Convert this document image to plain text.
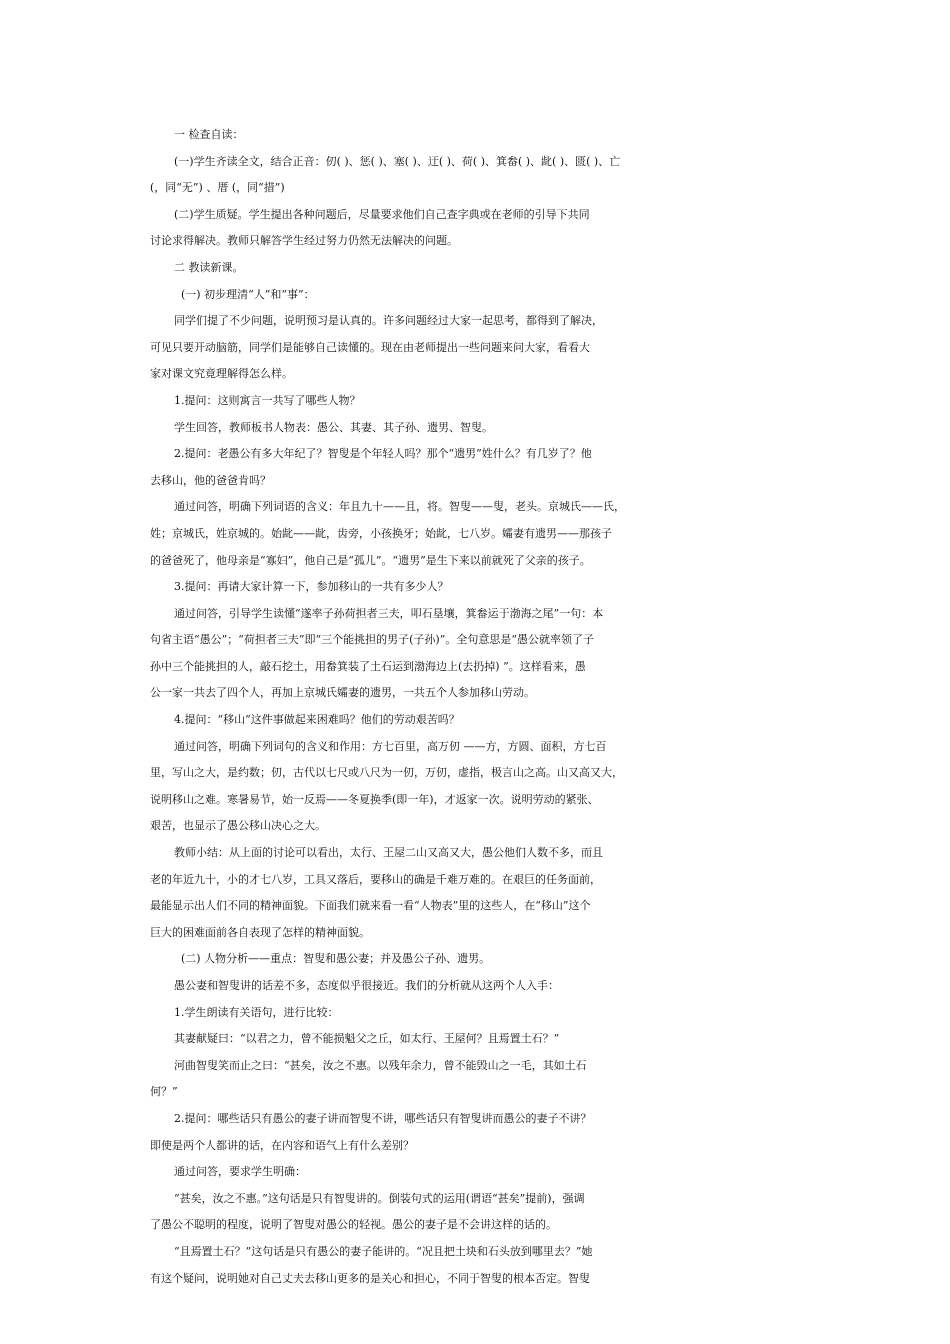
一 检查自读：
(一)学生齐读全文，结合正音：仞( )、惩( )、塞( )、迂( )、荷( )、箕畚( )、龀( )、匮( )、亡
(，同“无”) 、厝 (，同“措”)
(二)学生质疑。学生提出各种问题后，尽量要求他们自己查字典或在老师的引导下共同
讨论求得解决。教师只解答学生经过努力仍然无法解决的问题。
二 教读新课。
(一) 初步理清“人”和“事”：
同学们提了不少问题，说明预习是认真的。许多问题经过大家一起思考，都得到了解决，
可见只要开动脑筋，同学们是能够自己读懂的。现在由老师提出一些问题来问大家，看看大
家对课文究竟理解得怎么样。
1.提问：这则寓言一共写了哪些人物？
学生回答，教师板书人物表：愚公、其妻、其子孙、遗男、智叟。
2.提问：老愚公有多大年纪了？智叟是个年轻人吗？那个“遗男”姓什么？有几岁了？他
去移山，他的爸爸肯吗？
通过问答，明确下列词语的含义：年且九十——且，将。智叟——叟，老头。京城氏——氏，
姓；京城氏，姓京城的。始龀——龀，齿旁，小孩换牙；始龀，七八岁。孀妻有遗男——那孩子
的爸爸死了，他母亲是“寡妇”，他自己是“孤儿”。“遗男”是生下来以前就死了父亲的孩子。
3.提问：再请大家计算一下，参加移山的一共有多少人？
通过问答，引导学生读懂“遂率子孙荷担者三夫，叩石垦壤，箕畚运于渤海之尾”一句：本
句省主语“愚公”；“荷担者三夫”即“三个能挑担的男子(子孙)”。全句意思是“愚公就率领了子
孙中三个能挑担的人，敲石挖土，用畚箕装了土石运到渤海边上(去扔掉) ”。这样看来，愚
公一家一共去了四个人，再加上京城氏孀妻的遗男，一共五个人参加移山劳动。
4.提问：“移山”这件事做起来困难吗？他们的劳动艰苦吗？
通过问答，明确下列词句的含义和作用：方七百里，高万仞 ——方，方圆、面积，方七百
里，写山之大，是约数；仞，古代以七尺或八尺为一仞，万仞，虚指，极言山之高。山又高又大，
说明移山之难。寒暑易节，始一反焉——冬夏换季(即一年)，才返家一次。说明劳动的紧张、
艰苦，也显示了愚公移山决心之大。
教师小结：从上面的讨论可以看出，太行、王屋二山又高又大，愚公他们人数不多，而且
老的年近九十，小的才七八岁，工具又落后，要移山的确是千难万难的。在艰巨的任务面前，
最能显示出人们不同的精神面貌。下面我们就来看一看“人物表”里的这些人，在“移山”这个
巨大的困难面前各自表现了怎样的精神面貌。
(二) 人物分析——重点：智叟和愚公妻；并及愚公子孙、遗男。
愚公妻和智叟讲的话差不多，态度似乎很接近。我们的分析就从这两个人入手：
1.学生朗读有关语句，进行比较：
其妻献疑曰：“以君之力，曾不能损魁父之丘，如太行、王屋何？且焉置土石？”
河曲智叟笑而止之曰：“甚矣，汝之不惠。以残年余力，曾不能毁山之一毛，其如土石
何？”
2.提问：哪些话只有愚公的妻子讲而智叟不讲，哪些话只有智叟讲而愚公的妻子不讲？
即使是两个人都讲的话，在内容和语气上有什么差别？
通过问答，要求学生明确：
“甚矣，汝之不惠。”这句话是只有智叟讲的。倒装句式的运用(谓语“甚矣”提前)，强调
了愚公不聪明的程度，说明了智叟对愚公的轻视。愚公的妻子是不会讲这样的话的。
“且焉置土石？”这句话是只有愚公的妻子能讲的。“况且把土块和石头放到哪里去？”她
有这个疑问，说明她对自己丈夫去移山更多的是关心和担心，不同于智叟的根本否定。智叟
